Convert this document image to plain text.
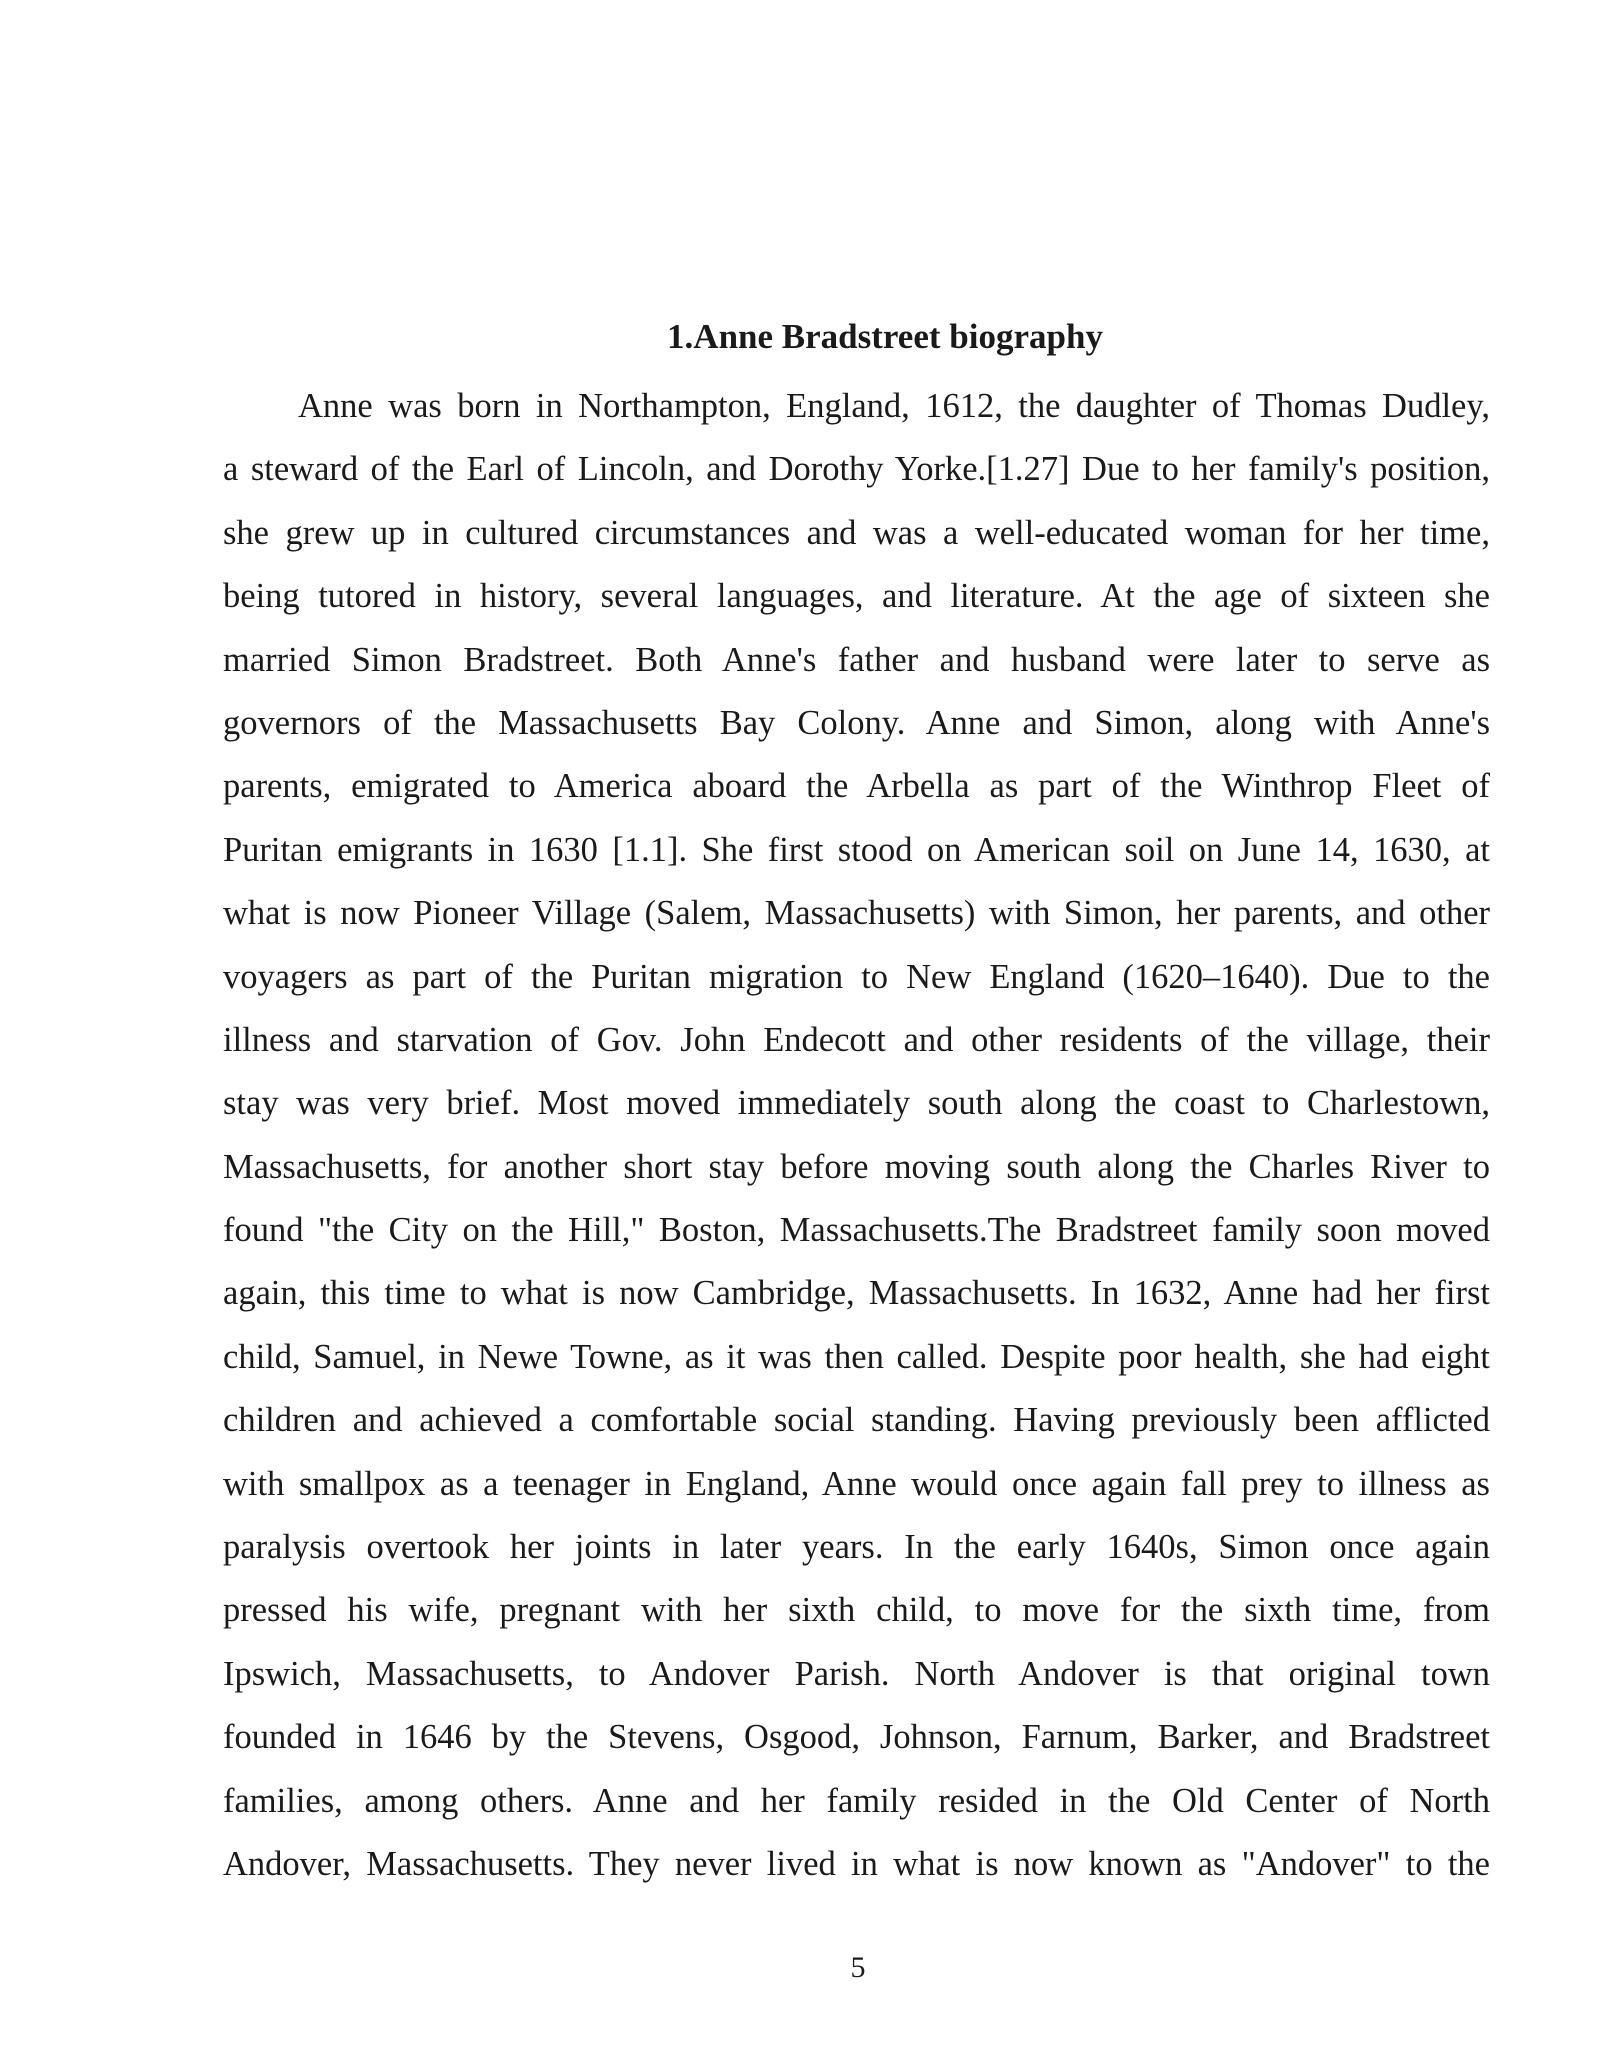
1.Anne Bradstreet biography
Anne was born in Northampton, England, 1612, the daughter of Thomas Dudley,
a steward of the Earl of Lincoln, and Dorothy Yorke.[1.27] Due to her family's position,
she grew up in cultured circumstances and was a well-educated woman for her time,
being tutored in history, several languages, and literature. At the age of sixteen she
married Simon Bradstreet. Both Anne's father and husband were later to serve as
governors of the Massachusetts Bay Colony. Anne and Simon, along with Anne's
parents, emigrated to America aboard the Arbella as part of the Winthrop Fleet of
Puritan emigrants in 1630 [1.1]. She first stood on American soil on June 14, 1630, at
what is now Pioneer Village (Salem, Massachusetts) with Simon, her parents, and other
voyagers as part of the Puritan migration to New England (1620–1640). Due to the
illness and starvation of Gov. John Endecott and other residents of the village, their
stay was very brief. Most moved immediately south along the coast to Charlestown,
Massachusetts, for another short stay before moving south along the Charles River to
found "the City on the Hill," Boston, Massachusetts.The Bradstreet family soon moved
again, this time to what is now Cambridge, Massachusetts. In 1632, Anne had her first
child, Samuel, in Newe Towne, as it was then called. Despite poor health, she had eight
children and achieved a comfortable social standing. Having previously been afflicted
with smallpox as a teenager in England, Anne would once again fall prey to illness as
paralysis overtook her joints in later years. In the early 1640s, Simon once again
pressed his wife, pregnant with her sixth child, to move for the sixth time, from
Ipswich, Massachusetts, to Andover Parish. North Andover is that original town
founded in 1646 by the Stevens, Osgood, Johnson, Farnum, Barker, and Bradstreet
families, among others. Anne and her family resided in the Old Center of North
Andover, Massachusetts. They never lived in what is now known as "Andover" to the
5
